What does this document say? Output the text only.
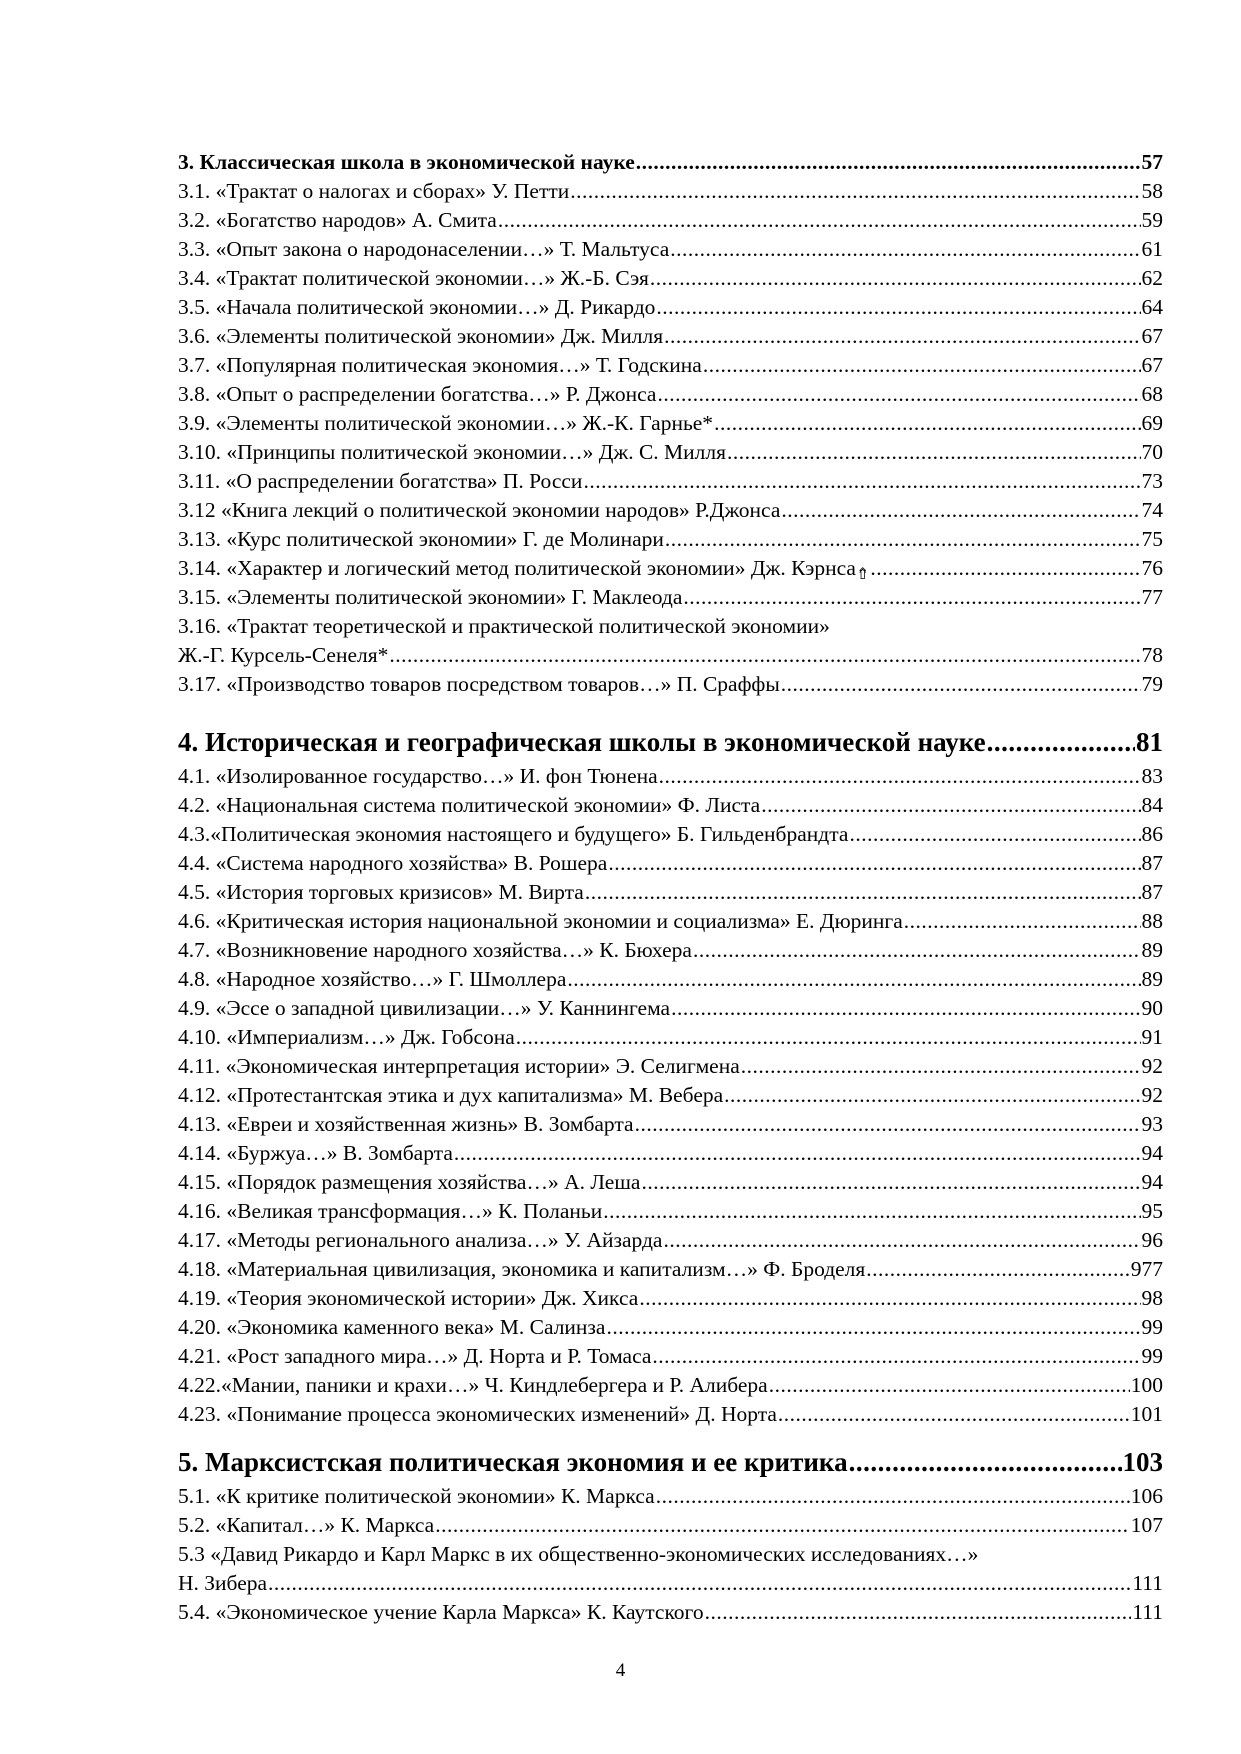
3. Классическая школа в экономической науке .....	57
3.1. «Трактат о налогах и сборах» У. Петти .....	58
3.2. «Богатство народов» А. Смита .....	59
3.3. «Опыт закона о народонаселении…» Т. Мальтуса .....	61
3.4. «Трактат политической экономии…» Ж.-Б. Сэя .....	62
3.5. «Начала политической экономии…» Д. Рикардо .....	64
3.6. «Элементы политической экономии» Дж. Милля .....	67
3.7. «Популярная политическая экономия…» Т. Годскина .....	67
3.8. «Опыт о распределении богатства…» Р. Джонса .....	68
3.9. «Элементы политической экономии…» Ж.-К. Гарнье* .....	69
3.10. «Принципы политической экономии…» Дж. С. Милля .....	70
3.11. «О распределении богатства» П. Росси .....	73
3.12 «Книга лекций о политической экономии народов» Р.Джонса .....	74
3.13. «Курс политической экономии» Г. де Молинари .....	75
3.14. «Характер и логический метод политической экономии» Дж. Кэрнса ⇮ .....	76
3.15. «Элементы политической экономии» Г. Маклеода .....	77
3.16. «Трактат теоретической и практической политической экономии»
Ж.-Г. Курсель-Сенеля* .....	78
3.17. «Производство товаров посредством товаров…» П. Сраффы .....	79
4. Историческая и географическая школы в экономической науке .....	81
4.1. «Изолированное государство…» И. фон Тюнена .....	83
4.2. «Национальная система политической экономии» Ф. Листа .....	84
4.3.«Политическая экономия настоящего и будущего» Б. Гильденбрандта .....	86
4.4. «Система народного хозяйства» В. Рошера .....	87
4.5. «История торговых кризисов» М. Вирта .....	87
4.6. «Критическая история национальной экономии и социализма» Е. Дюринга .....	88
4.7. «Возникновение народного хозяйства…» К. Бюхера .....	89
4.8. «Народное хозяйство…» Г. Шмоллера .....	89
4.9. «Эссе о западной цивилизации…» У. Каннингема .....	90
4.10. «Империализм…» Дж. Гобсона .....	91
4.11. «Экономическая интерпретация истории» Э. Селигмена .....	92
4.12. «Протестантская этика и дух капитализма» М. Вебера .....	92
4.13. «Евреи и хозяйственная жизнь» В. Зомбарта .....	93
4.14. «Буржуа…» В. Зомбарта .....	94
4.15. «Порядок размещения хозяйства…» А. Леша .....	94
4.16. «Великая трансформация…» К. Поланьи .....	95
4.17. «Методы регионального анализа…» У. Айзарда .....	96
4.18. «Материальная цивилизация, экономика и капитализм…» Ф. Броделя .....	977
4.19. «Теория экономической истории» Дж. Хикса .....	98
4.20. «Экономика каменного века» М. Салинза .....	99
4.21. «Рост западного мира…» Д. Норта и Р. Томаса .....	99
4.22.«Мании, паники и крахи…» Ч. Киндлебергера и Р. Алибера .....	100
4.23. «Понимание процесса экономических изменений» Д. Норта .....	101
5. Марксистская политическая экономия и ее критика .....	103
5.1. «К критике политической экономии» К. Маркса .....	106
5.2. «Капитал…» К. Маркса .....	107
5.3 «Давид Рикардо и Карл Маркс в их общественно-экономических исследованиях…»
Н. Зибера .....	111
5.4. «Экономическое учение Карла Маркса» К. Каутского .....	111
4
